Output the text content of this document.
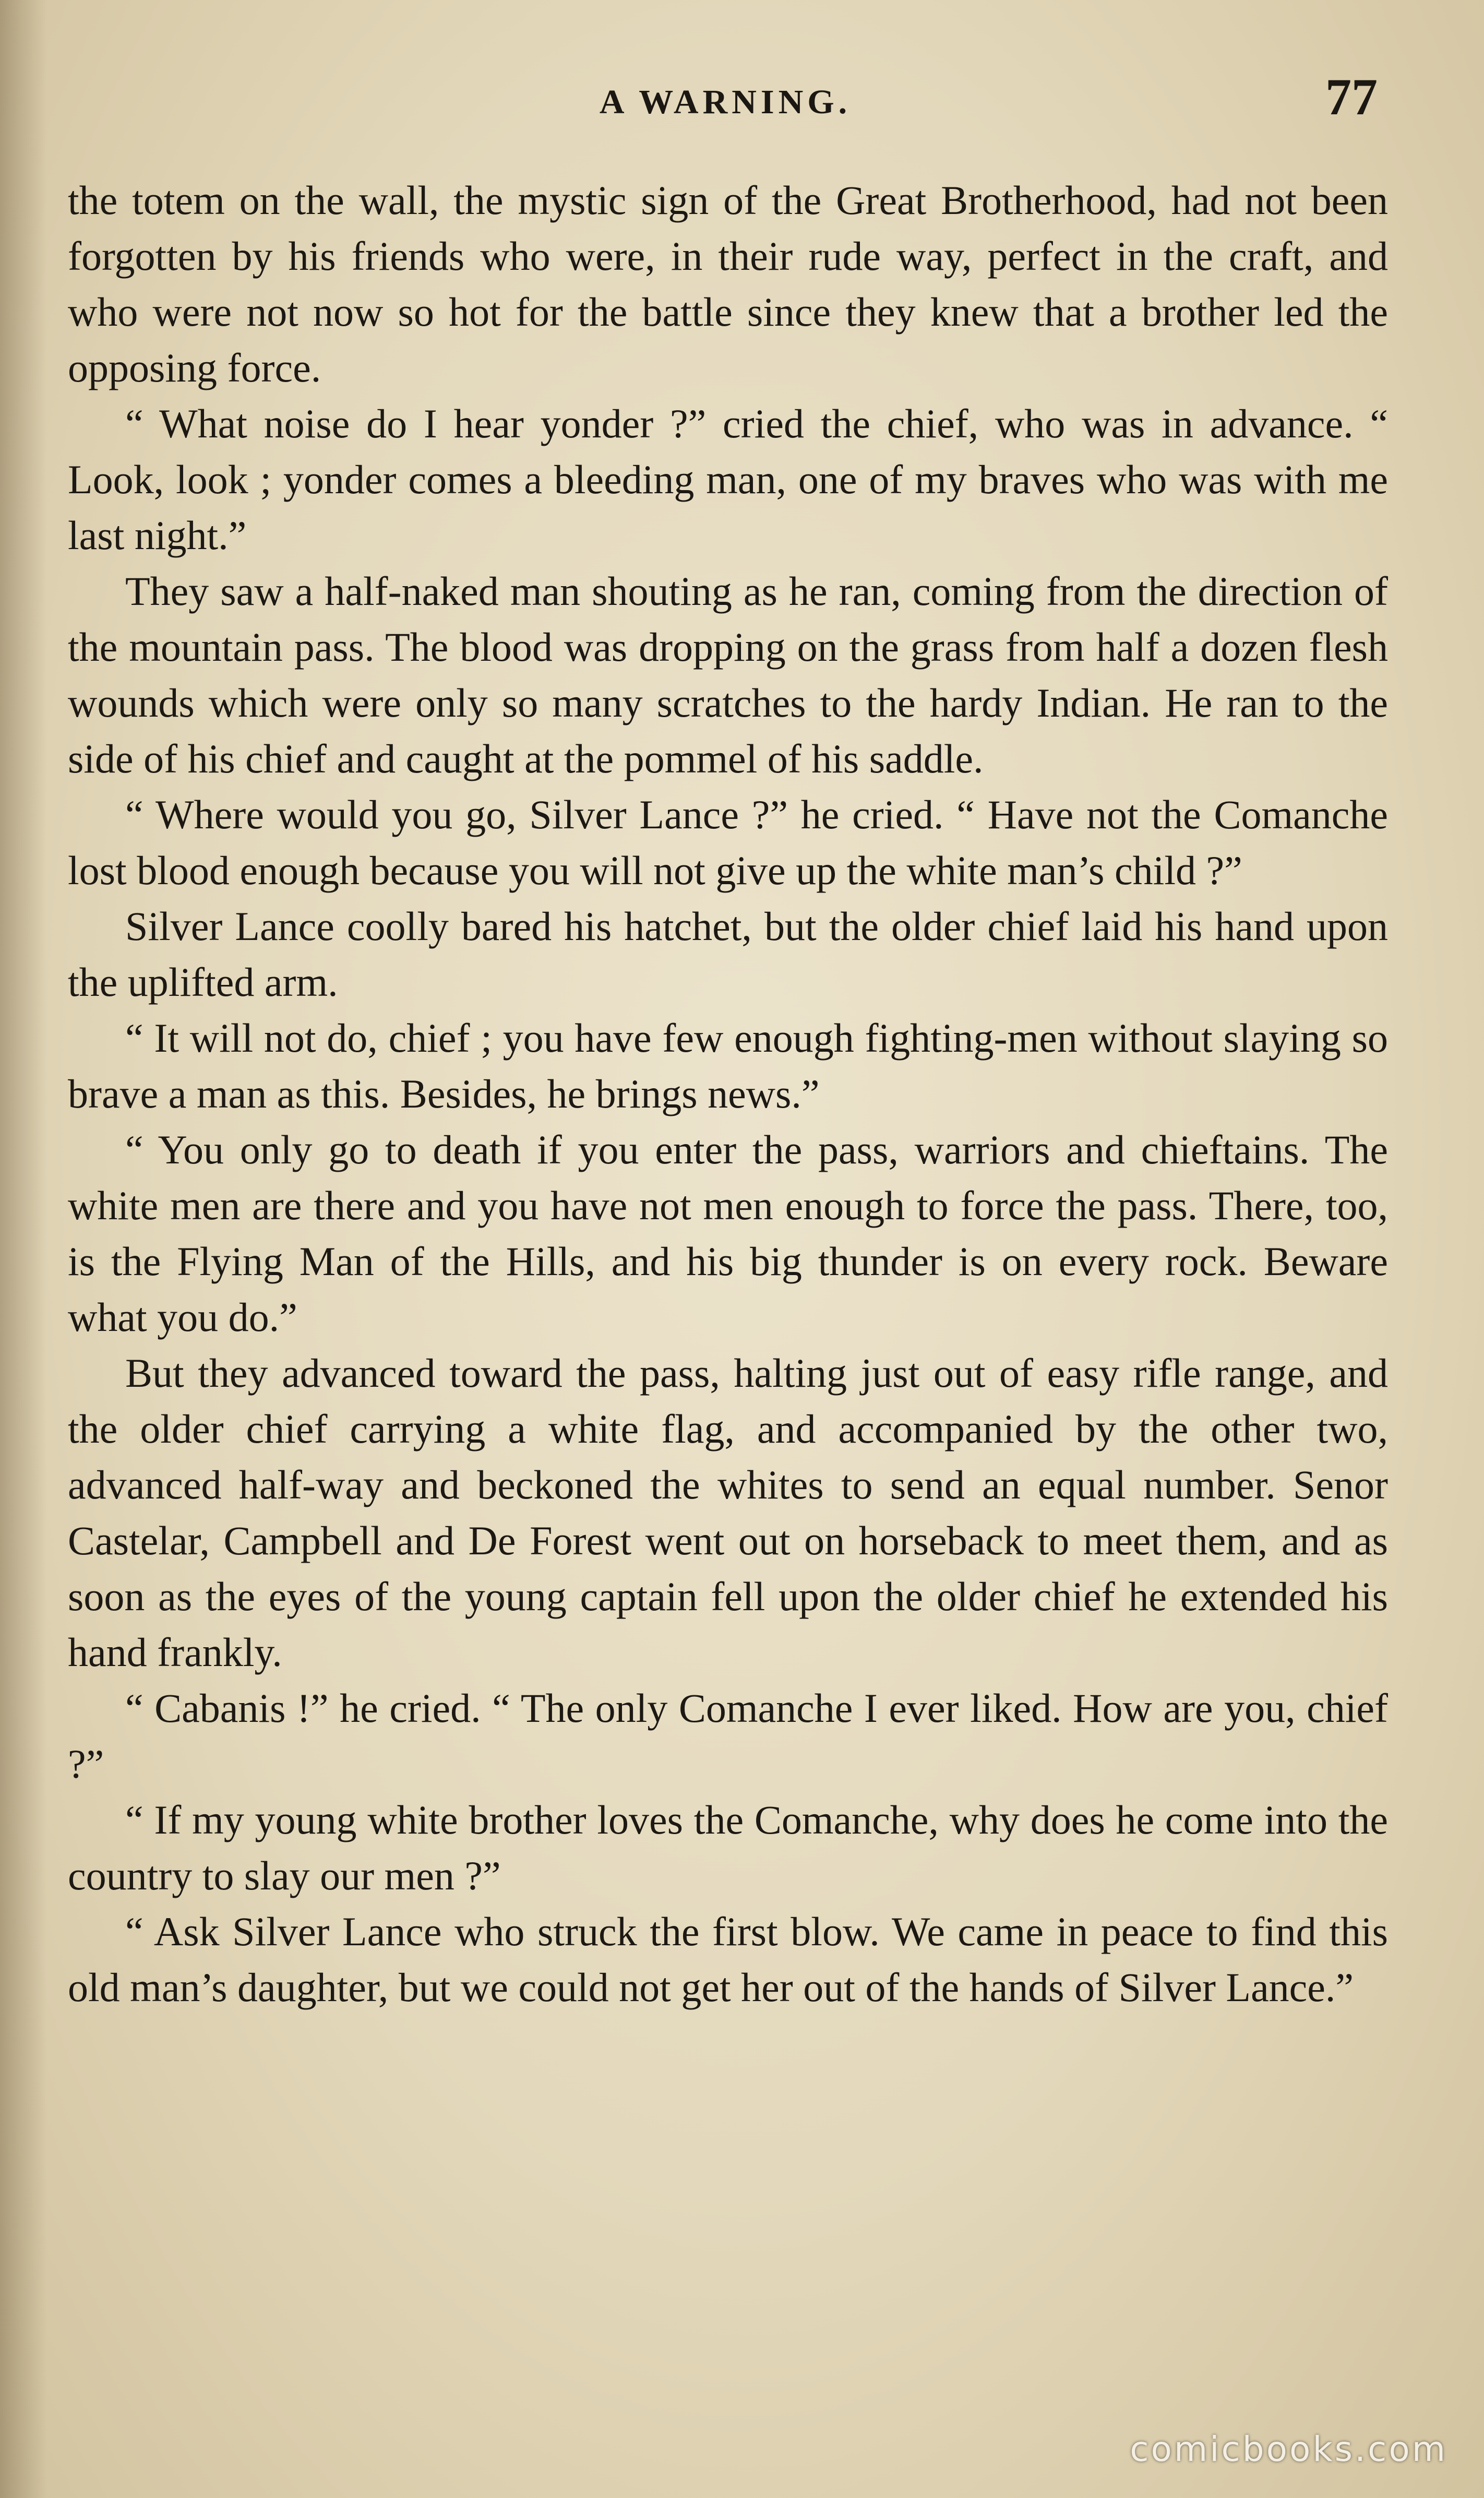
A WARNING.	77

the totem on the wall, the mystic sign of the Great Brotherhood, had not been forgotten by his friends who were, in their rude way, perfect in the craft, and who were not now so hot for the battle since they knew that a brother led the opposing force.

“ What noise do I hear yonder ?” cried the chief, who was in advance. “ Look, look ; yonder comes a bleeding man, one of my braves who was with me last night.”

They saw a half-naked man shouting as he ran, coming from the direction of the mountain pass. The blood was dropping on the grass from half a dozen flesh wounds which were only so many scratches to the hardy Indian. He ran to the side of his chief and caught at the pommel of his saddle.

“ Where would you go, Silver Lance ?” he cried. “ Have not the Comanche lost blood enough because you will not give up the white man’s child ?”

Silver Lance coolly bared his hatchet, but the older chief laid his hand upon the uplifted arm.

“ It will not do, chief ; you have few enough fighting-men without slaying so brave a man as this. Besides, he brings news.”

“ You only go to death if you enter the pass, warriors and chieftains. The white men are there and you have not men enough to force the pass. There, too, is the Flying Man of the Hills, and his big thunder is on every rock. Beware what you do.”

But they advanced toward the pass, halting just out of easy rifle range, and the older chief carrying a white flag, and accompanied by the other two, advanced half-way and beckoned the whites to send an equal number. Senor Castelar, Campbell and De Forest went out on horseback to meet them, and as soon as the eyes of the young captain fell upon the older chief he extended his hand frankly.

“ Cabanis !” he cried. “ The only Comanche I ever liked. How are you, chief ?”

“ If my young white brother loves the Comanche, why does he come into the country to slay our men ?”

“ Ask Silver Lance who struck the first blow. We came in peace to find this old man’s daughter, but we could not get her out of the hands of Silver Lance.”

comicbooks.com
